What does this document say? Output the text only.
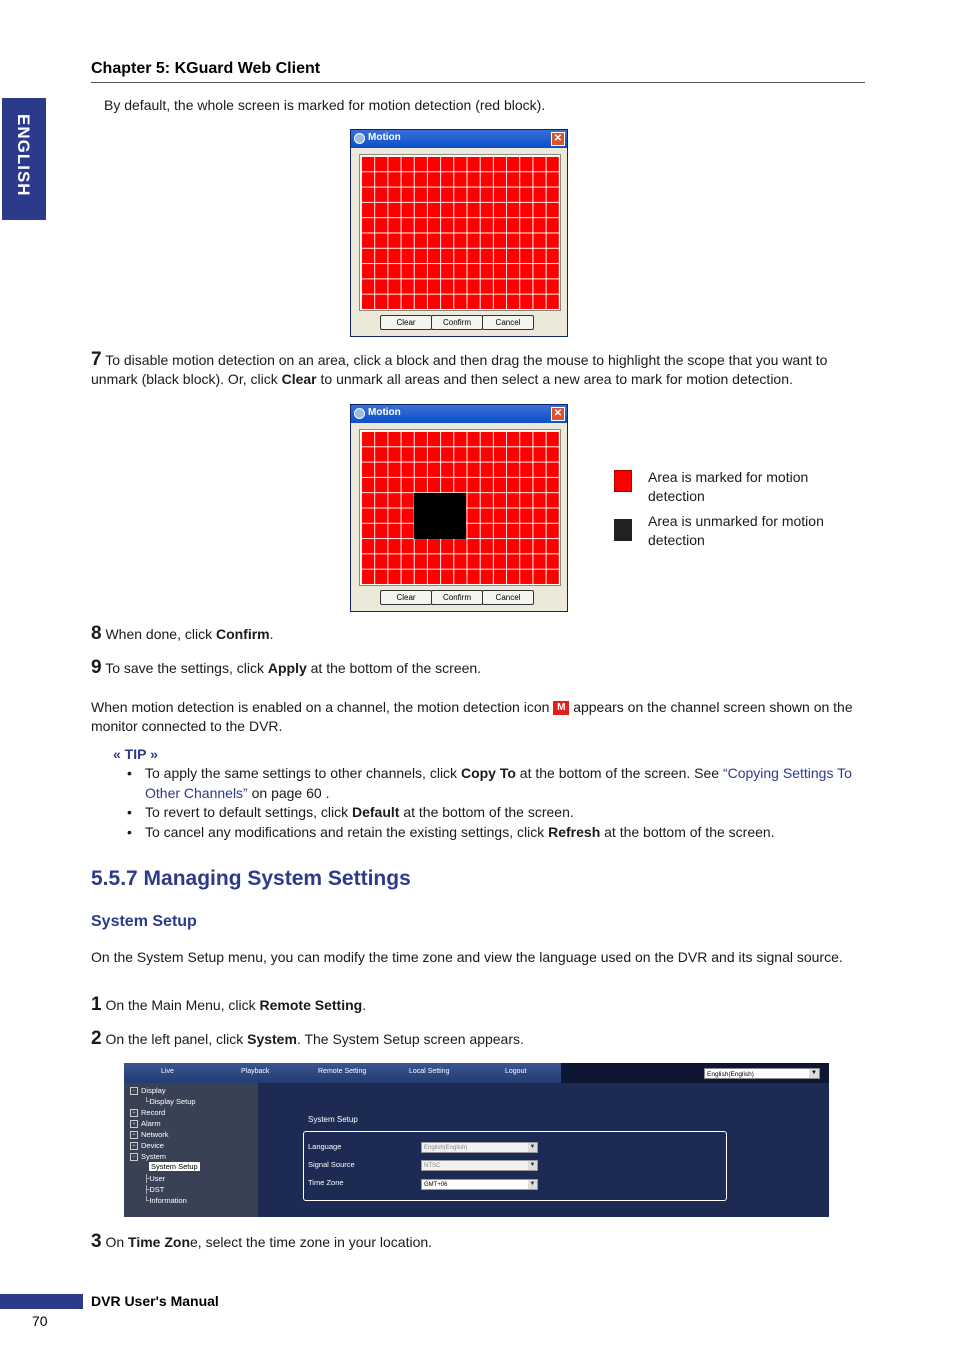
Chapter 5: KGuard Web Client
ENGLISH
By default, the whole screen is marked for motion detection (red block).
Motion	✕
Clear	Confirm	Cancel
7 To disable motion detection on an area, click a block and then drag the mouse to highlight the scope that you want to unmark (black block). Or, click Clear to unmark all areas and then select a new area to mark for motion detection.
Motion	✕
Clear	Confirm	Cancel
Area is marked for motion detection
Area is unmarked for motion detection
8 When done, click Confirm.
9 To save the settings, click Apply at the bottom of the screen.
When motion detection is enabled on a channel, the motion detection icon M appears on the channel screen shown on the monitor connected to the DVR.
« TIP »
• To apply the same settings to other channels, click Copy To at the bottom of the screen. See “Copying Settings To Other Channels” on page 60 .
• To revert to default settings, click Default at the bottom of the screen.
• To cancel any modifications and retain the existing settings, click Refresh at the bottom of the screen.
5.5.7 Managing System Settings
System Setup
On the System Setup menu, you can modify the time zone and view the language used on the DVR and its signal source.
1 On the Main Menu, click Remote Setting.
2 On the left panel, click System. The System Setup screen appears.
Live	Playback	Remote Setting	Local Setting	Logout	English(English)	▼
− Display
└Display Setup
+ Record
+ Alarm
+ Network
+ Device
− System
System Setup
├User
├DST
└Information
System Setup
Language	English(English)	▼
Signal Source	NTSC	▼
Time Zone	GMT+06	▼
3 On Time Zone, select the time zone in your location.
DVR User's Manual
70
